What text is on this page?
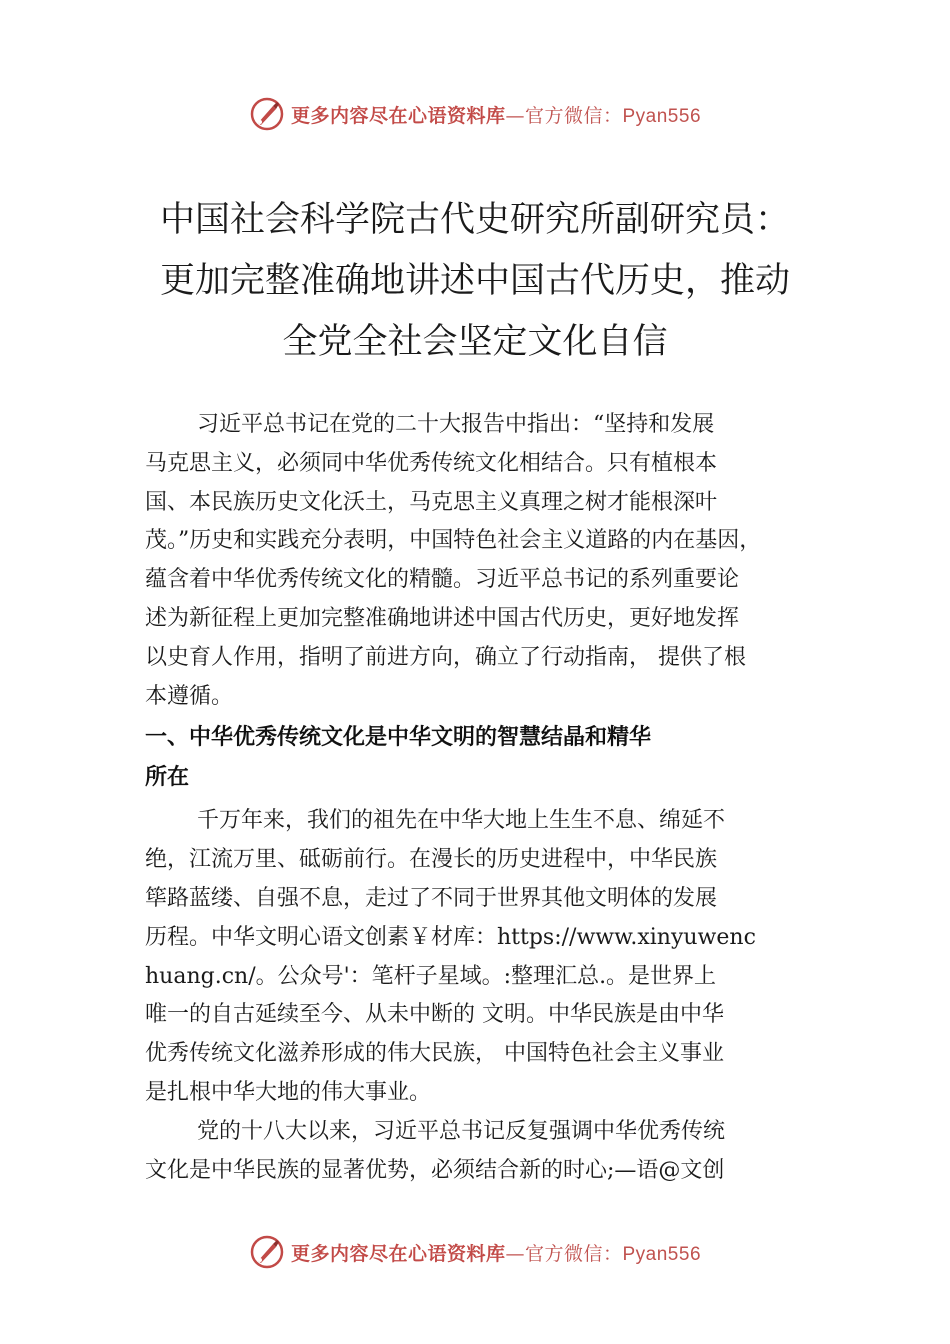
更多内容尽在心语资料库—官方微信：Pyan556
中国社会科学院古代史研究所副研究员：
更加完整准确地讲述中国古代历史，推动
全党全社会坚定文化自信
习近平总书记在党的二十大报告中指出：“坚持和发展
马克思主义，必须同中华优秀传统文化相结合。只有植根本
国、本民族历史文化沃土，马克思主义真理之树才能根深叶
茂。”历史和实践充分表明，中国特色社会主义道路的内在基因，
蕴含着中华优秀传统文化的精髓。习近平总书记的系列重要论
述为新征程上更加完整准确地讲述中国古代历史，更好地发挥
以史育人作用，指明了前进方向，确立了行动指南， 提供了根
本遵循。
一、中华优秀传统文化是中华文明的智慧结晶和精华
所在
千万年来，我们的祖先在中华大地上生生不息、绵延不
绝，江流万里、砥砺前行。在漫长的历史进程中，中华民族
筚路蓝缕、自强不息，走过了不同于世界其他文明体的发展
历程。中华文明心语文创素￥材库：https://www.xinyuwenc
huang.cn/。公众号'：笔杆子星域。:整理汇总.。是世界上
唯一的自古延续至今、从未中断的 文明。中华民族是由中华
优秀传统文化滋养形成的伟大民族， 中国特色社会主义事业
是扎根中华大地的伟大事业。
党的十八大以来，习近平总书记反复强调中华优秀传统
文化是中华民族的显著优势，必须结合新的时心;—语@文创
更多内容尽在心语资料库—官方微信：Pyan556
